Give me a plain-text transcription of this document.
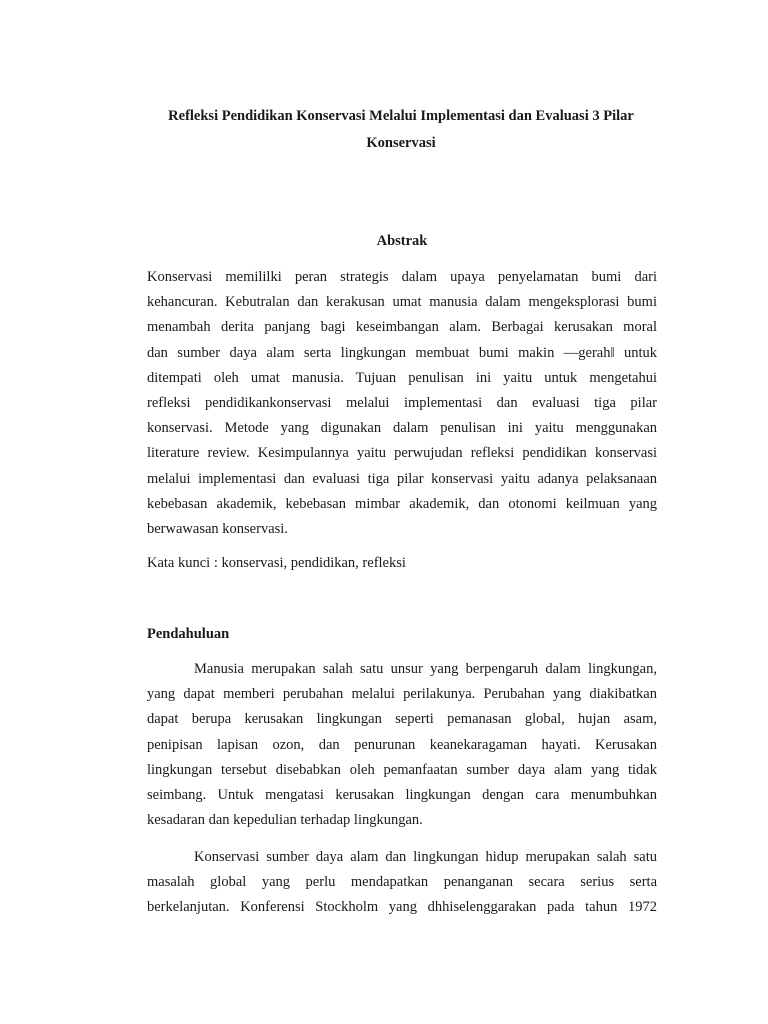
Refleksi Pendidikan Konservasi Melalui Implementasi dan Evaluasi 3 Pilar
Konservasi
Abstrak
Konservasi memililki peran strategis dalam upaya penyelamatan bumi dari
kehancuran. Kebutralan dan kerakusan umat manusia dalam mengeksplorasi bumi
menambah derita panjang bagi keseimbangan alam. Berbagai kerusakan moral
dan sumber daya alam serta lingkungan membuat bumi makin ―gerah‖ untuk
ditempati oleh umat manusia. Tujuan penulisan ini yaitu untuk mengetahui
refleksi pendidikankonservasi melalui implementasi dan evaluasi tiga pilar
konservasi. Metode yang digunakan dalam penulisan ini yaitu menggunakan
literature review. Kesimpulannya yaitu perwujudan refleksi pendidikan konservasi
melalui implementasi dan evaluasi tiga pilar konservasi yaitu adanya pelaksanaan
kebebasan akademik, kebebasan mimbar akademik, dan otonomi keilmuan yang
berwawasan konservasi.
Kata kunci : konservasi, pendidikan, refleksi
Pendahuluan
Manusia merupakan salah satu unsur yang berpengaruh dalam lingkungan,
yang dapat memberi perubahan melalui perilakunya. Perubahan yang diakibatkan
dapat berupa kerusakan lingkungan seperti pemanasan global, hujan asam,
penipisan lapisan ozon, dan penurunan keanekaragaman hayati. Kerusakan
lingkungan tersebut disebabkan oleh pemanfaatan sumber daya alam yang tidak
seimbang. Untuk mengatasi kerusakan lingkungan dengan cara menumbuhkan
kesadaran dan kepedulian terhadap lingkungan.
Konservasi sumber daya alam dan lingkungan hidup merupakan salah satu
masalah global yang perlu mendapatkan penanganan secara serius serta
berkelanjutan. Konferensi Stockholm yang dhhiselenggarakan pada tahun 1972
